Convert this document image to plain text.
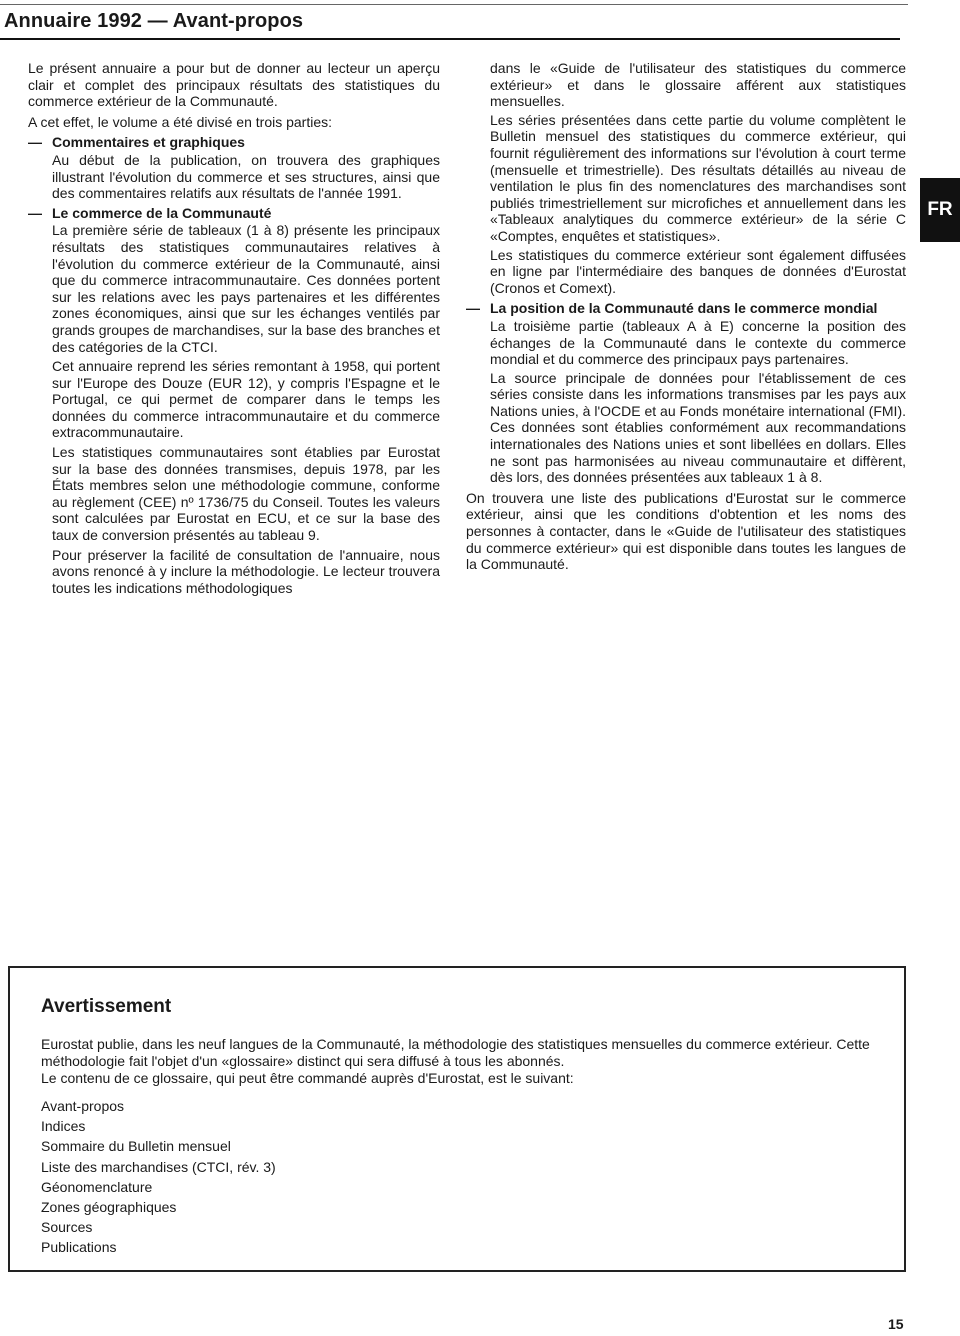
Annuaire 1992 — Avant-propos

Le présent annuaire a pour but de donner au lecteur un aperçu clair et complet des principaux résultats des statistiques du commerce extérieur de la Communauté.

A cet effet, le volume a été divisé en trois parties:

— Commentaires et graphiques

Au début de la publication, on trouvera des graphiques illustrant l'évolution du commerce et ses structures, ainsi que des commentaires relatifs aux résultats de l'année 1991.

— Le commerce de la Communauté

La première série de tableaux (1 à 8) présente les principaux résultats des statistiques communautaires relatives à l'évolution du commerce extérieur de la Communauté, ainsi que du commerce intracommunautaire. Ces données portent sur les relations avec les pays partenaires et les différentes zones économiques, ainsi que sur les échanges ventilés par grands groupes de marchandises, sur la base des branches et des catégories de la CTCI.

Cet annuaire reprend les séries remontant à 1958, qui portent sur l'Europe des Douze (EUR 12), y compris l'Espagne et le Portugal, ce qui permet de comparer dans le temps les données du commerce intracommunautaire et du commerce extracommunautaire.

Les statistiques communautaires sont établies par Eurostat sur la base des données transmises, depuis 1978, par les États membres selon une méthodologie commune, conforme au règlement (CEE) nº 1736/75 du Conseil. Toutes les valeurs sont calculées par Eurostat en ECU, et ce sur la base des taux de conversion présentés au tableau 9.

Pour préserver la facilité de consultation de l'annuaire, nous avons renoncé à y inclure la méthodologie. Le lecteur trouvera toutes les indications méthodologiques

dans le «Guide de l'utilisateur des statistiques du commerce extérieur» et dans le glossaire afférent aux statistiques mensuelles.

Les séries présentées dans cette partie du volume complètent le Bulletin mensuel des statistiques du commerce extérieur, qui fournit régulièrement des informations sur l'évolution à court terme (mensuelle et trimestrielle). Des résultats détaillés au niveau de ventilation le plus fin des nomenclatures des marchandises sont publiés trimestriellement sur microfiches et annuellement dans les «Tableaux analytiques du commerce extérieur» de la série C «Comptes, enquêtes et statistiques».

Les statistiques du commerce extérieur sont également diffusées en ligne par l'intermédiaire des banques de données d'Eurostat (Cronos et Comext).

— La position de la Communauté dans le commerce mondial

La troisième partie (tableaux A à E) concerne la position des échanges de la Communauté dans le contexte du commerce mondial et du commerce des principaux pays partenaires.

La source principale de données pour l'établissement de ces séries consiste dans les informations transmises par les pays aux Nations unies, à l'OCDE et au Fonds monétaire international (FMI). Ces données sont établies conformément aux recommandations internationales des Nations unies et sont libellées en dollars. Elles ne sont pas harmonisées au niveau communautaire et diffèrent, dès lors, des données présentées aux tableaux 1 à 8.

On trouvera une liste des publications d'Eurostat sur le commerce extérieur, ainsi que les conditions d'obtention et les noms des personnes à contacter, dans le «Guide de l'utilisateur des statistiques du commerce extérieur» qui est disponible dans toutes les langues de la Communauté.

FR
Avertissement

Eurostat publie, dans les neuf langues de la Communauté, la méthodologie des statistiques mensuelles du commerce extérieur. Cette méthodologie fait l'objet d'un «glossaire» distinct qui sera diffusé à tous les abonnés.

Le contenu de ce glossaire, qui peut être commandé auprès d'Eurostat, est le suivant:

Avant-propos
Indices
Sommaire du Bulletin mensuel
Liste des marchandises (CTCI, rév. 3)
Géonomenclature
Zones géographiques
Sources
Publications
15
